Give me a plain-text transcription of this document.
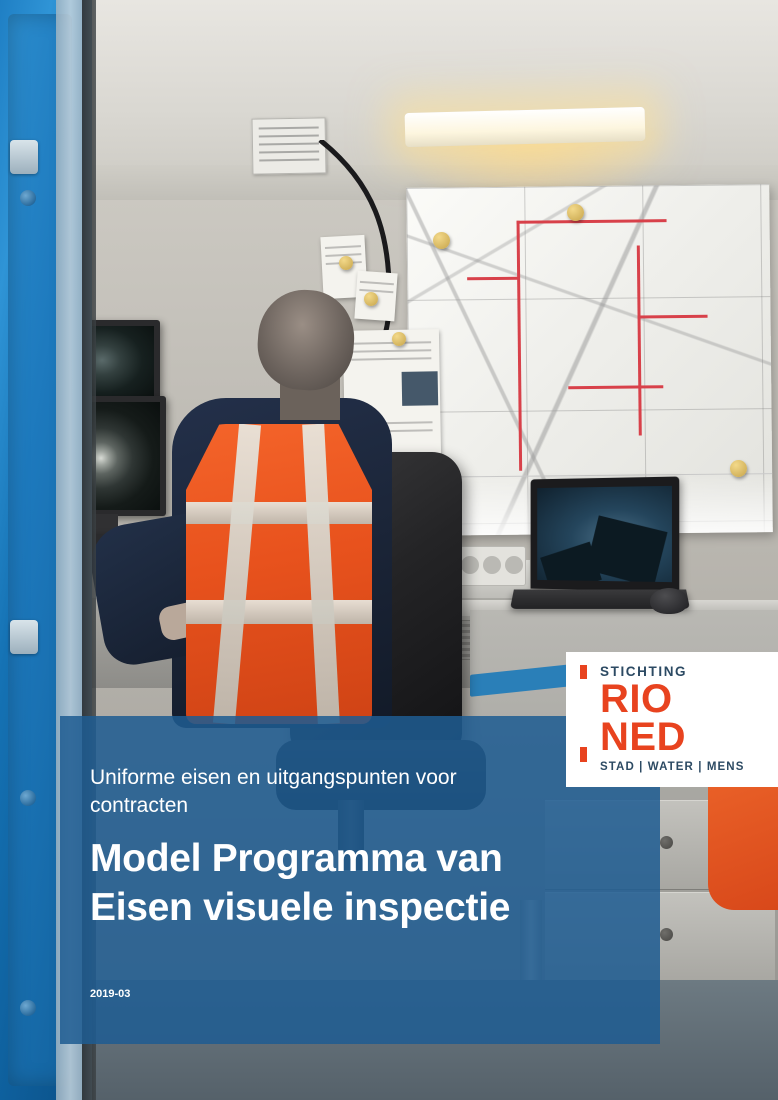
Uniforme eisen en uitgangspunten voor contracten
Model Programma van
Eisen visuele inspectie
2019-03
STICHTING
RIO
NED
STAD | WATER | MENS
